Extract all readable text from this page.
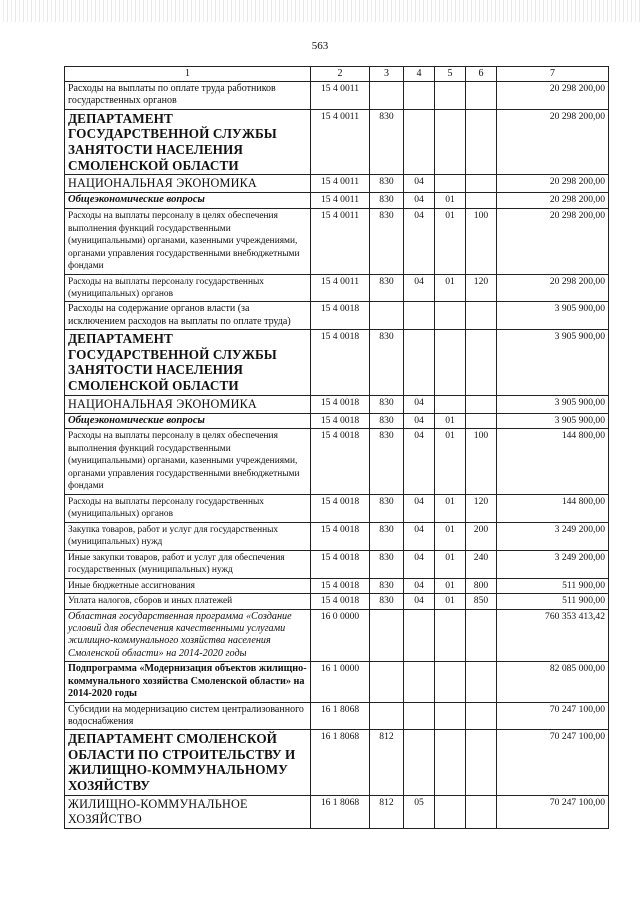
563
1	2	3	4	5	6	7
Расходы на выплаты по оплате труда работников государственных органов	15 4 0011					20 298 200,00
ДЕПАРТАМЕНТ ГОСУДАРСТВЕННОЙ СЛУЖБЫ ЗАНЯТОСТИ НАСЕЛЕНИЯ СМОЛЕНСКОЙ ОБЛАСТИ	15 4 0011	830				20 298 200,00
НАЦИОНАЛЬНАЯ ЭКОНОМИКА	15 4 0011	830	04			20 298 200,00
Общеэкономические вопросы	15 4 0011	830	04	01		20 298 200,00
Расходы на выплаты персоналу в целях обеспечения выполнения функций государственными (муниципальными) органами, казенными учреждениями, органами управления государственными внебюджетными фондами	15 4 0011	830	04	01	100	20 298 200,00
Расходы на выплаты персоналу государственных (муниципальных) органов	15 4 0011	830	04	01	120	20 298 200,00
Расходы на содержание органов власти (за исключением расходов на выплаты по оплате труда)	15 4 0018					3 905 900,00
ДЕПАРТАМЕНТ ГОСУДАРСТВЕННОЙ СЛУЖБЫ ЗАНЯТОСТИ НАСЕЛЕНИЯ СМОЛЕНСКОЙ ОБЛАСТИ	15 4 0018	830				3 905 900,00
НАЦИОНАЛЬНАЯ ЭКОНОМИКА	15 4 0018	830	04			3 905 900,00
Общеэкономические вопросы	15 4 0018	830	04	01		3 905 900,00
Расходы на выплаты персоналу в целях обеспечения выполнения функций государственными (муниципальными) органами, казенными учреждениями, органами управления государственными внебюджетными фондами	15 4 0018	830	04	01	100	144 800,00
Расходы на выплаты персоналу государственных (муниципальных) органов	15 4 0018	830	04	01	120	144 800,00
Закупка товаров, работ и услуг для государственных (муниципальных) нужд	15 4 0018	830	04	01	200	3 249 200,00
Иные закупки товаров, работ и услуг для обеспечения государственных (муниципальных) нужд	15 4 0018	830	04	01	240	3 249 200,00
Иные бюджетные ассигнования	15 4 0018	830	04	01	800	511 900,00
Уплата налогов, сборов и иных платежей	15 4 0018	830	04	01	850	511 900,00
Областная государственная программа «Создание условий для обеспечения качественными услугами жилищно-коммунального хозяйства населения Смоленской области» на 2014-2020 годы	16 0 0000					760 353 413,42
Подпрограмма «Модернизация объектов жилищно-коммунального хозяйства Смоленской области» на 2014-2020 годы	16 1 0000					82 085 000,00
Субсидии на модернизацию систем централизованного водоснабжения	16 1 8068					70 247 100,00
ДЕПАРТАМЕНТ СМОЛЕНСКОЙ ОБЛАСТИ ПО СТРОИТЕЛЬСТВУ И ЖИЛИЩНО-КОММУНАЛЬНОМУ ХОЗЯЙСТВУ	16 1 8068	812				70 247 100,00
ЖИЛИЩНО-КОММУНАЛЬНОЕ ХОЗЯЙСТВО	16 1 8068	812	05			70 247 100,00
